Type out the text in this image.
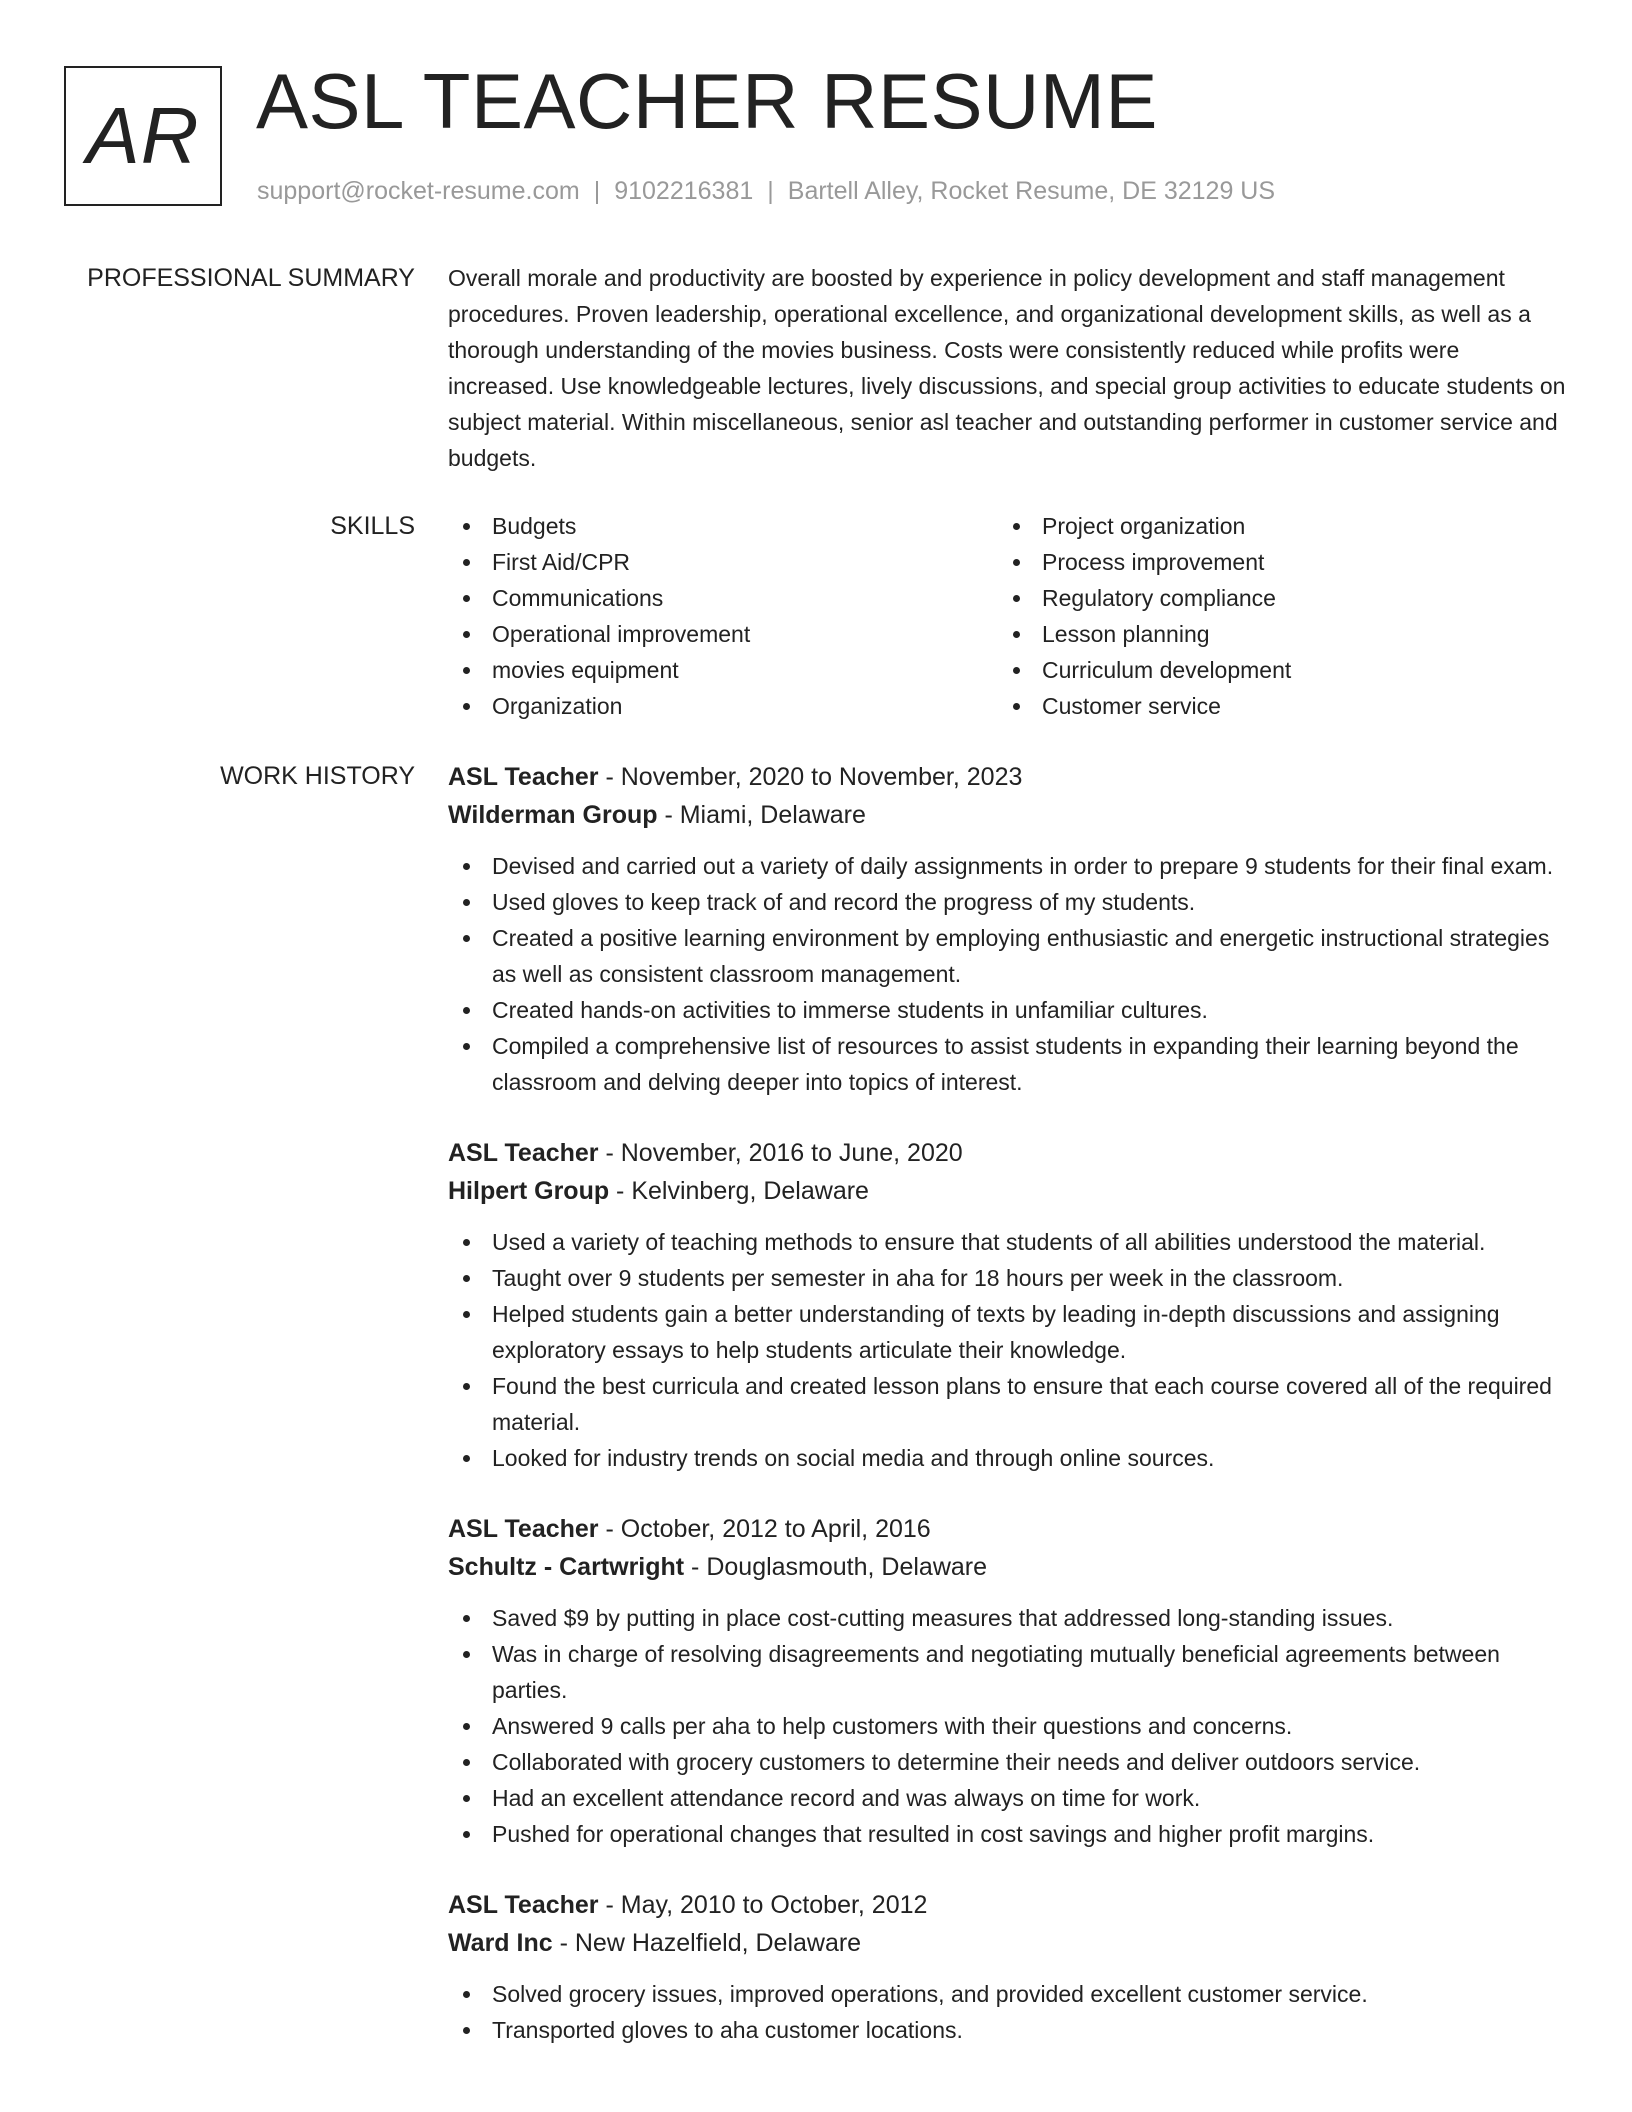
AR ASL TEACHER RESUME
support@rocket-resume.com | 9102216381 | Bartell Alley, Rocket Resume, DE 32129 US
PROFESSIONAL SUMMARY Overall morale and productivity are boosted by experience in policy development and staff management procedures. Proven leadership, operational excellence, and organizational development skills, as well as a thorough understanding of the movies business. Costs were consistently reduced while profits were increased. Use knowledgeable lectures, lively discussions, and special group activities to educate students on subject material. Within miscellaneous, senior asl teacher and outstanding performer in customer service and budgets.

SKILLS	Budgets
First Aid/CPR
Communications
Operational improvement
movies equipment
Organization
Project organization
Process improvement
Regulatory compliance
Lesson planning
Curriculum development
Customer service
WORK HISTORY ASL Teacher - November, 2020 to November, 2023
Wilderman Group - Miami, Delaware
Devised and carried out a variety of daily assignments in order to prepare 9 students for their final exam.
Used gloves to keep track of and record the progress of my students.
Created a positive learning environment by employing enthusiastic and energetic instructional strategies as well as consistent classroom management.
Created hands-on activities to immerse students in unfamiliar cultures.
Compiled a comprehensive list of resources to assist students in expanding their learning beyond the classroom and delving deeper into topics of interest.
ASL Teacher - November, 2016 to June, 2020
Hilpert Group - Kelvinberg, Delaware
Used a variety of teaching methods to ensure that students of all abilities understood the material.
Taught over 9 students per semester in aha for 18 hours per week in the classroom.
Helped students gain a better understanding of texts by leading in-depth discussions and assigning exploratory essays to help students articulate their knowledge.
Found the best curricula and created lesson plans to ensure that each course covered all of the required material.
Looked for industry trends on social media and through online sources.
ASL Teacher - October, 2012 to April, 2016
Schultz - Cartwright - Douglasmouth, Delaware
Saved $9 by putting in place cost-cutting measures that addressed long-standing issues.
Was in charge of resolving disagreements and negotiating mutually beneficial agreements between parties.
Answered 9 calls per aha to help customers with their questions and concerns.
Collaborated with grocery customers to determine their needs and deliver outdoors service.
Had an excellent attendance record and was always on time for work.
Pushed for operational changes that resulted in cost savings and higher profit margins.
ASL Teacher - May, 2010 to October, 2012
Ward Inc - New Hazelfield, Delaware
Solved grocery issues, improved operations, and provided excellent customer service.
Transported gloves to aha customer locations.
